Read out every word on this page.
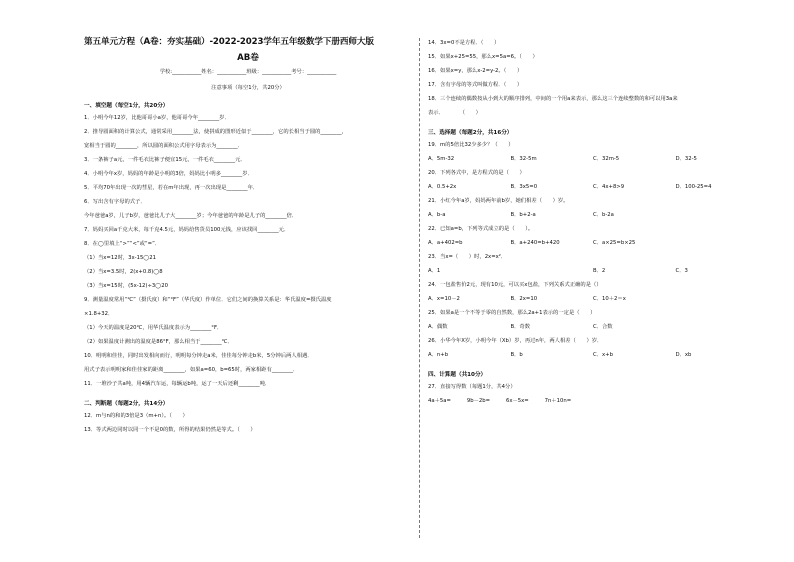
第五单元方程（A卷：夯实基础）-2022-2023学年五年级数学下册西师大版
AB卷
学校:___________姓名：___________班级：___________考号：___________
注意事项（每空1分，共20分）
一、填空题（每空1分，共20分）
1．小明今年12岁，比他哥哥小a岁，他哥哥今年________岁．
2．推导圆面积的计算公式，通常采用________法，使拼成的图形近似于________，它的长相当于圆的________，
宽相当于圆的________，所以圆的面积公式用字母表示为________．
3．一条裤子a元，一件毛衣比裤子便宜15元，一件毛衣________元．
4．小明今年x岁，妈妈的年龄是小明的3倍，妈妈比小明多________岁．
5．平均70年出现一次的彗星，若在m年出现，再一次出现是________年．
6．写出含有字母的式子．
今年爸爸a岁，儿子b岁，爸爸比儿子大________岁；今年爸爸的年龄是儿子的________倍．
7．妈妈买回a千克大米，每千克4.5元，妈妈给售货员100元钱，应该找回________元．
8．在◯里填上“>”“<”或“=”．
（1）当x=12时，3x-15◯21
（2）当x=3.5时，2(x+0.8)◯8
（3）当x=15时，(5x-12)÷3◯20
9．测量温度常用“℃”（摄氏度）和“°F”（华氏度）作单位．它们之间的换算关系是：华氏温度=摄氏温度
×1.8+32．
（1）今天的温度是20℃，用华氏温度表示为________°F．
（2）如果温度计测出的温度是86°F，那么相当于________℃．
10．明明和佳佳，同时出发相向而行，明明每分钟走a米，佳佳每分钟走b米，5分钟后两人相遇．
用式子表示明明家和佳佳家的距离________，如果a=60，b=65时，两家相距有________．
11．一堆沙子共a吨，用4辆汽车运，每辆运b吨，运了一天后还剩________吨．
二、判断题（每题2分，共14分）
12．m与n的和的3倍是3（m+n）。（　　）
13．等式两边同时以同一个不是0的数，所得的结果仍然是等式。（　　）
14．3x=0不是方程．（　　）
15．如果x+25=55，那么x=5a=6。（　　）
16．如果x=y，那么x-2=y-2。（　　）
17．含有字母的等式叫做方程．（　　）
18．三个连续的偶数按从小到大的顺序排列，中间的一个用a来表示，那么这三个连续整数的和可以用3a来
表示．　　　　（　　）
三、选择题（每题2分，共16分）
19．m的5倍比32少多少？（　　）
A．5m-32	B．32-5m	C．32m-5	D．32-5
20．下列各式中，是方程式的是（　　）
A．0.5+2x	B．3x5=0	C．4x+8>9	D．100-25=4
21．小红今年a岁，妈妈两年前b岁，她们相差（　　）岁。
A．b-a	B．b+2-a	C．b-2a
22．已知a=b，下列等式成立的是（　　）。
A．a+402=b	B．a+240=b+420	C．a×25=b×25
23．当x=（　　）时，2x=x²．
A．1	B．2	C．3
24．一包盐售价2元，现有10元，可以买x包盐，下列关系式正确的是（）
A．x=10－2	B．2x=10	C．10＋2＝x
25．如果a是一个不等于零的自然数，那么2a+1表示的一定是（　　）
A．偶数	B．奇数	C．合数
26．小华今年X岁，小明今年（Xb）岁，再过n年，两人相差（　　）岁．
A．n+b	B．b	C．x+b	D．xb
四、计算题（共10分）
27．直接写得数（每题1分，共4分）
4a＋5a=　　　9b－2b=　　　6x－5x=　　　7n＋10n=
